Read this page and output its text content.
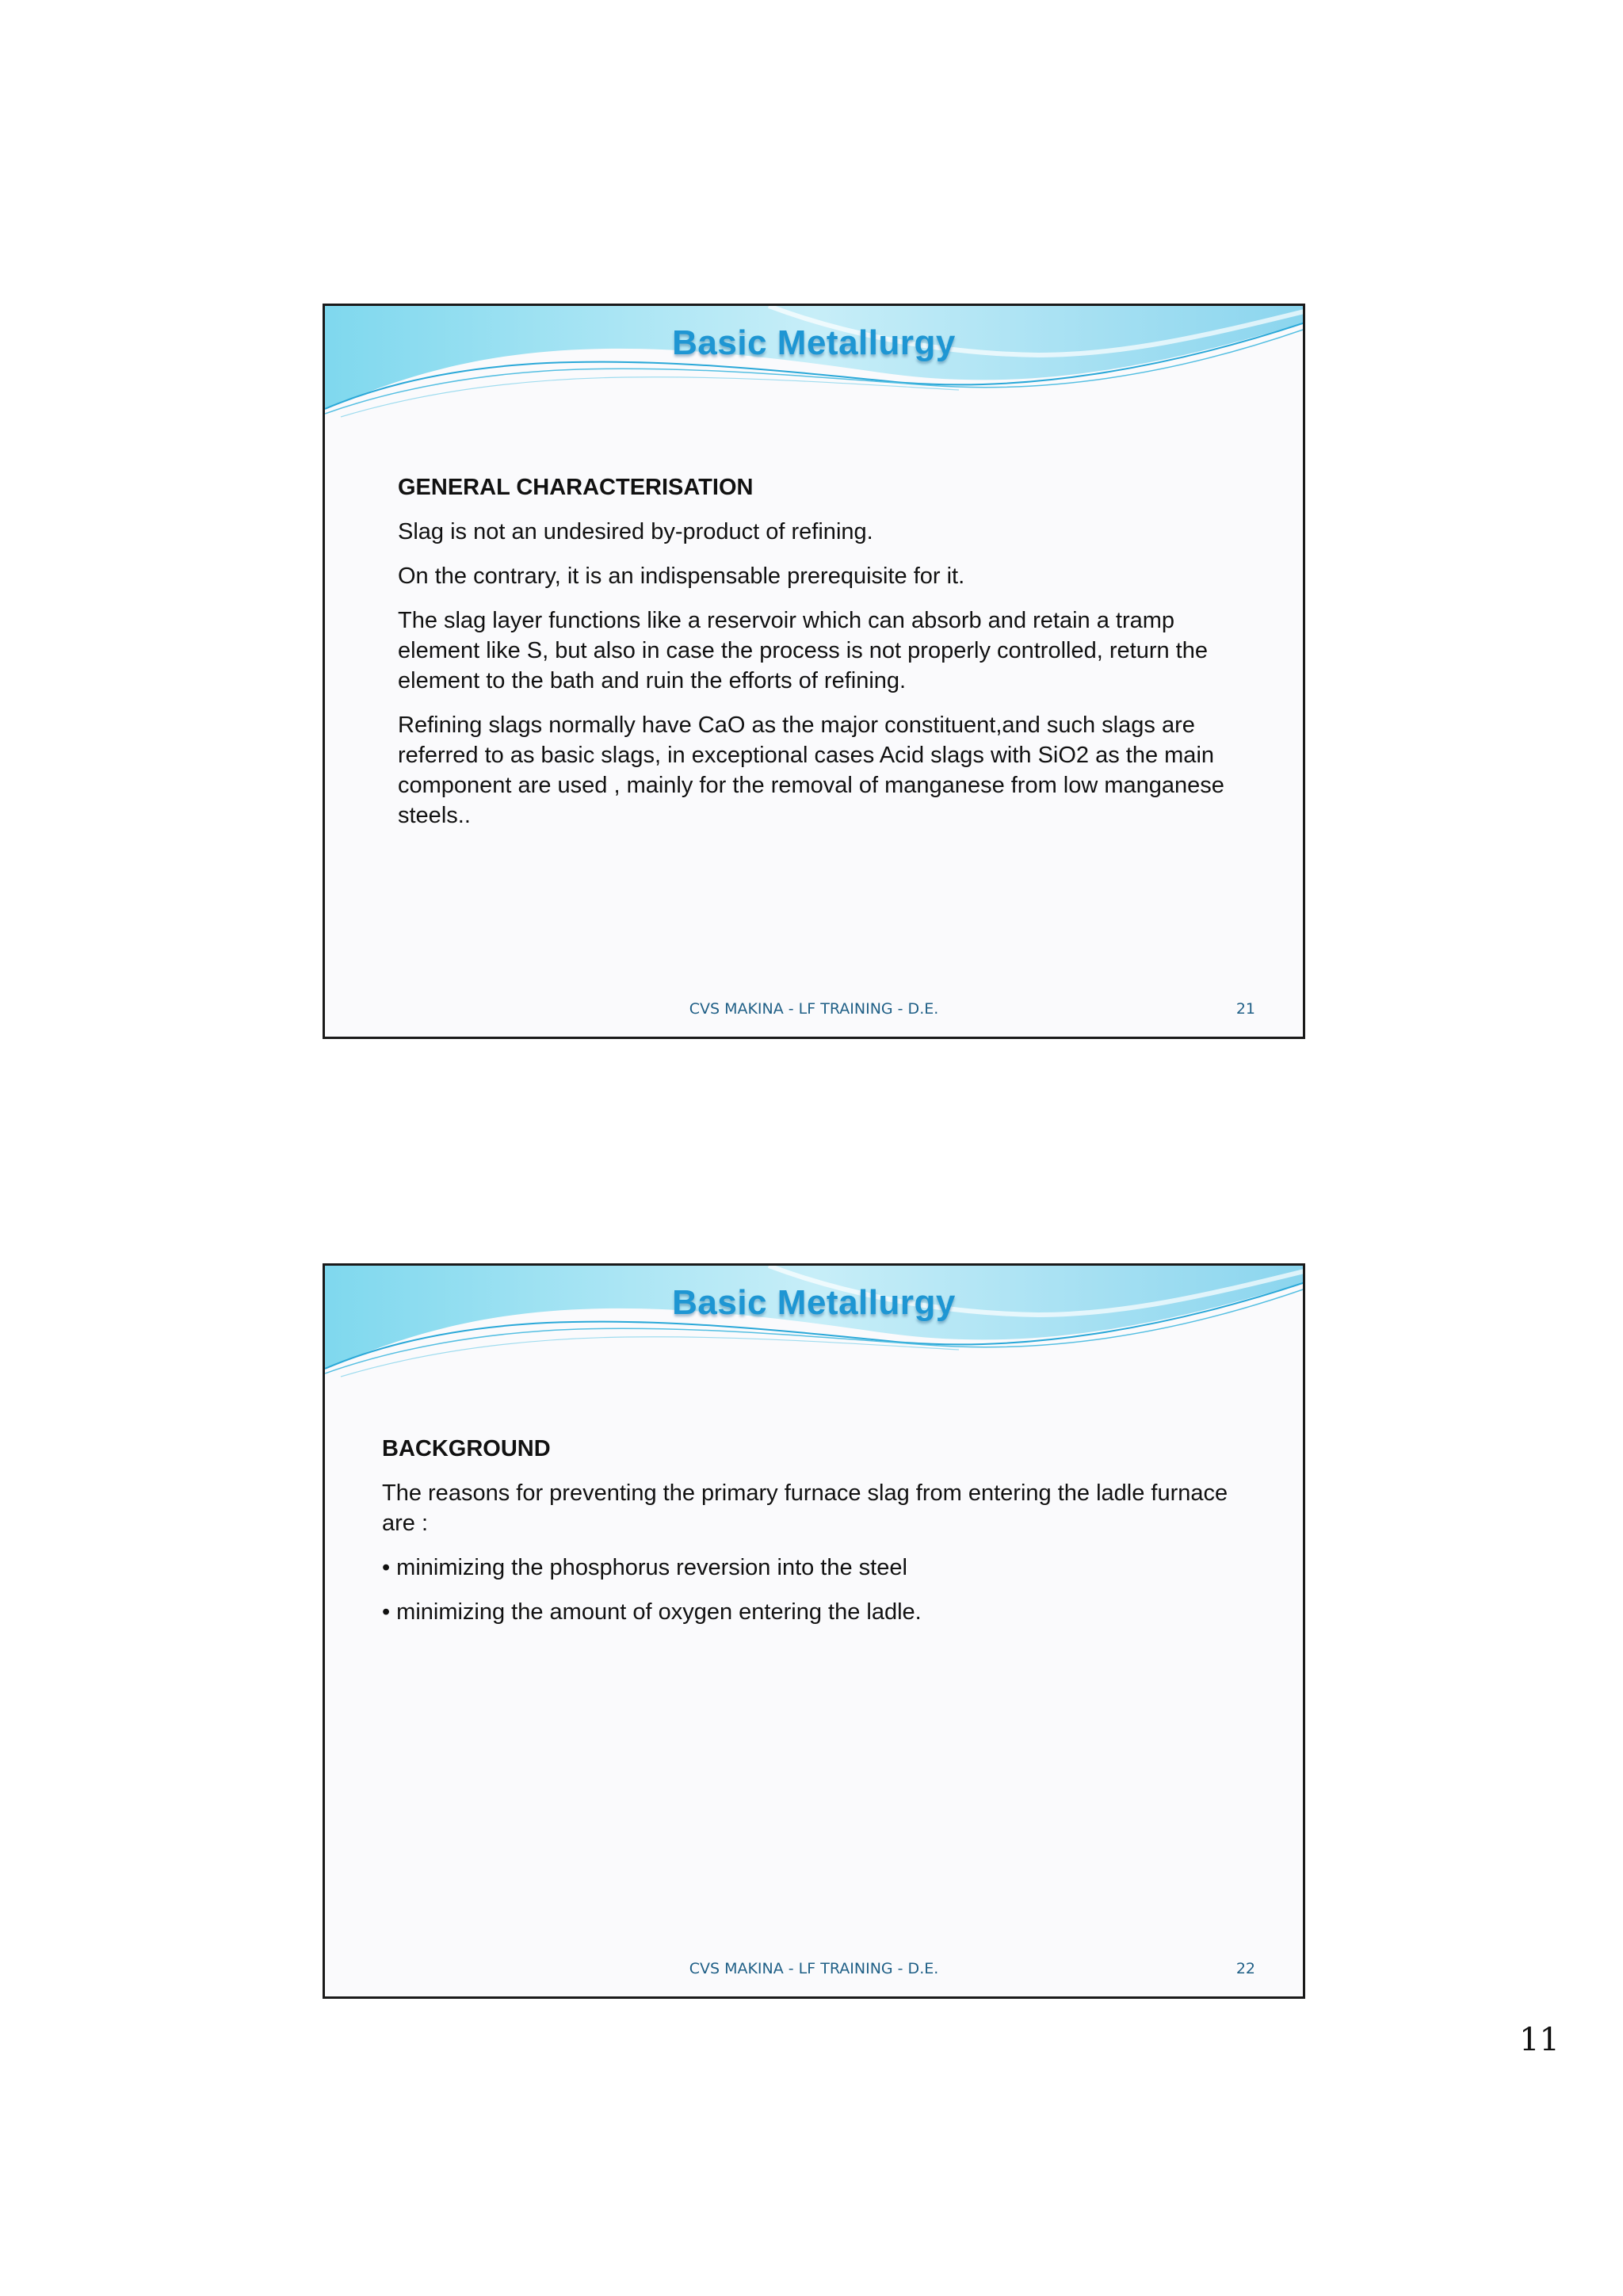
Basic Metallurgy
GENERAL CHARACTERISATION
Slag is not an undesired by-product of refining.
On the contrary, it is an indispensable prerequisite for it.
The slag layer functions like a reservoir which can absorb and retain a tramp element like S, but also in case the process is not properly controlled, return the element to the bath and ruin the efforts of refining.
Refining slags normally have CaO as the major constituent,and such slags are referred to as basic slags, in exceptional cases Acid slags with SiO2 as the main component are used , mainly for the removal of manganese from low manganese steels..
CVS MAKINA - LF TRAINING - D.E.	21
Basic Metallurgy
BACKGROUND
The reasons for preventing the primary furnace slag from entering the ladle furnace are :
• minimizing the phosphorus reversion into the steel
• minimizing the amount of oxygen entering the ladle.
CVS MAKINA - LF TRAINING - D.E.	22
11
